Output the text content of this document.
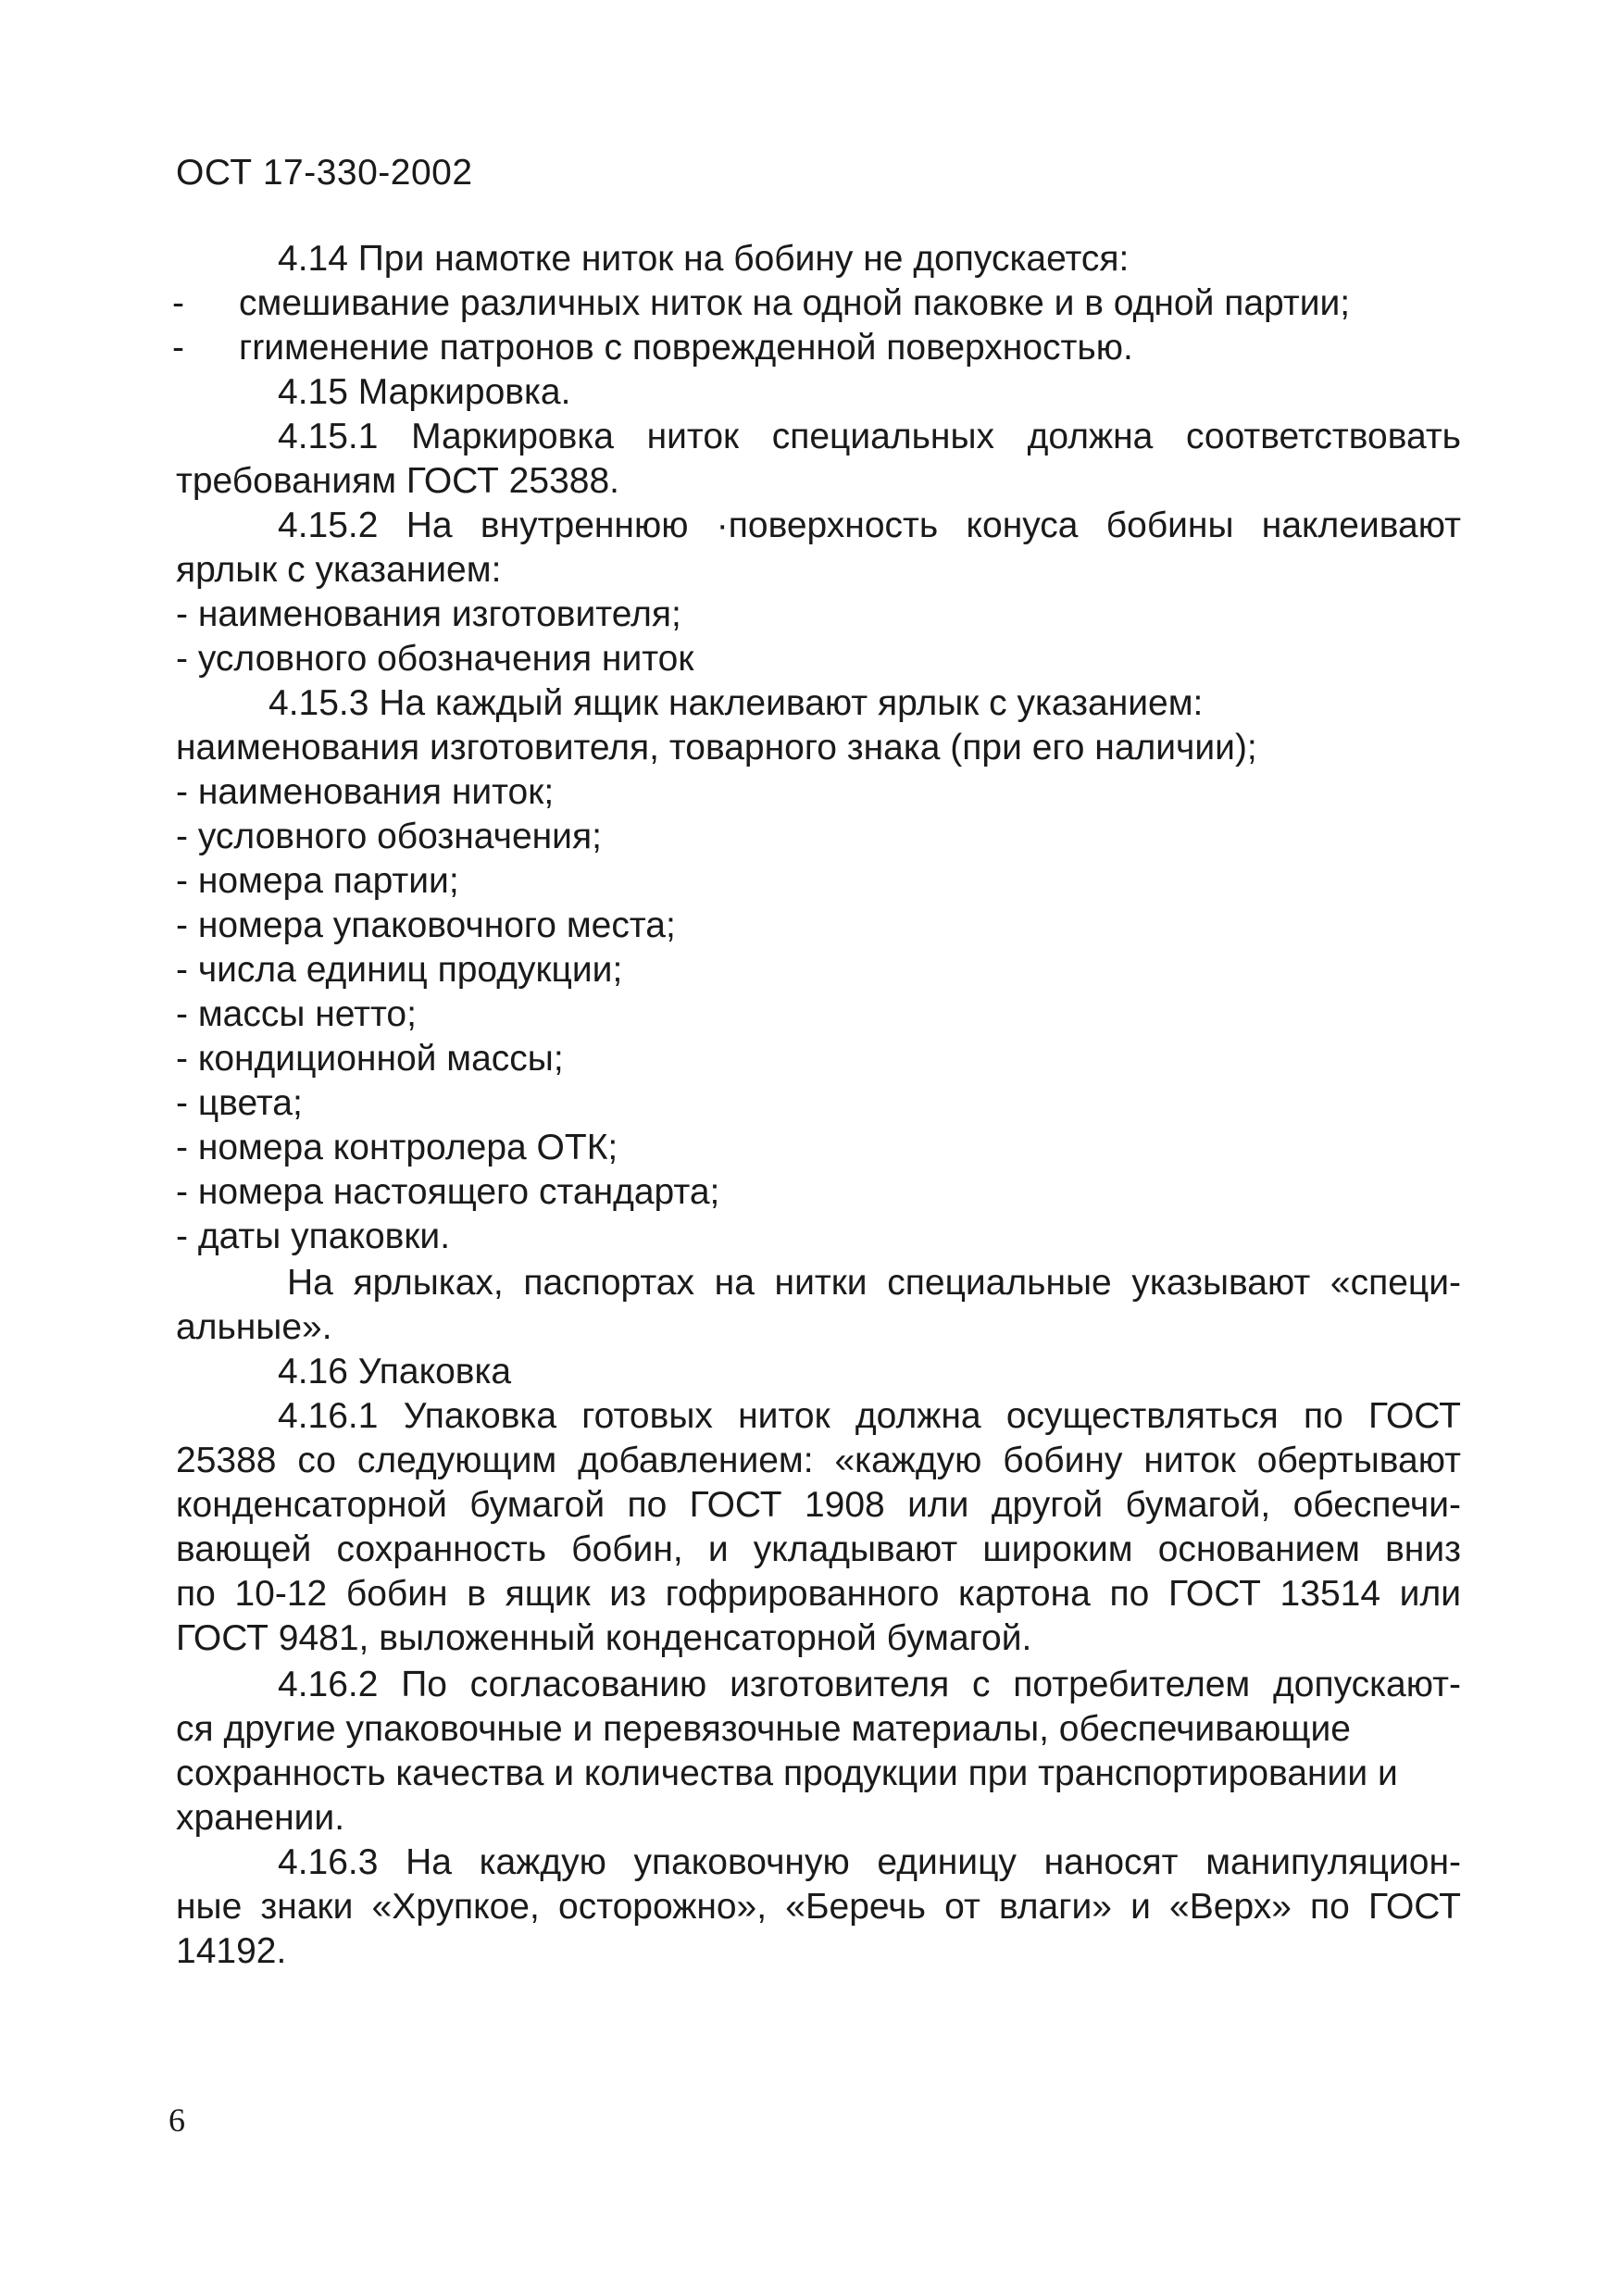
ОСТ 17-330-2002
4.14 При намотке ниток на бобину не допускается:
- смешивание различных ниток на одной паковке и в одной партии;
- гrименение патронов с поврежденной поверхностью.
4.15 Маркировка.
4.15.1 Маркировка ниток специальных должна соответствовать
требованиям ГОСТ 25388.
4.15.2 На внутреннюю ·поверхность конуса бобины наклеивают
ярлык с указанием:
- наименования изготовителя;
- условного обозначения ниток
4.15.3 На каждый ящик наклеивают ярлык с указанием:
наименования изготовителя, товарного знака (при его наличии);
- наименования ниток;
- условного обозначения;
- номера партии;
- номера упаковочного места;
- числа единиц продукции;
- массы нетто;
- кондиционной массы;
- цвета;
- номера контролера ОТК;
- номера настоящего стандарта;
- даты упаковки.
На ярлыках, паспортах на нитки специальные указывают «специ-
альные».
4.16 Упаковка
4.16.1 Упаковка готовых ниток должна осуществляться по ГОСТ
25388 со следующим добавлением: «каждую бобину ниток обертывают
конденсаторной бумагой по ГОСТ 1908 или другой бумагой, обеспечи-
вающей сохранность бобин, и укладывают широким основанием вниз
по 10-12 бобин в ящик из гофрированного картона по ГОСТ 13514 или
ГОСТ 9481, выложенный конденсаторной бумагой.
4.16.2 По согласованию изготовителя с потребителем допускают-
ся другие упаковочные и перевязочные материалы, обеспечивающие
сохранность качества и количества продукции при транспортировании и
хранении.
4.16.3 На каждую упаковочную единицу наносят манипуляцион-
ные знаки «Хрупкое, осторожно», «Беречь от влаги» и «Верх» по ГОСТ
14192.
6
